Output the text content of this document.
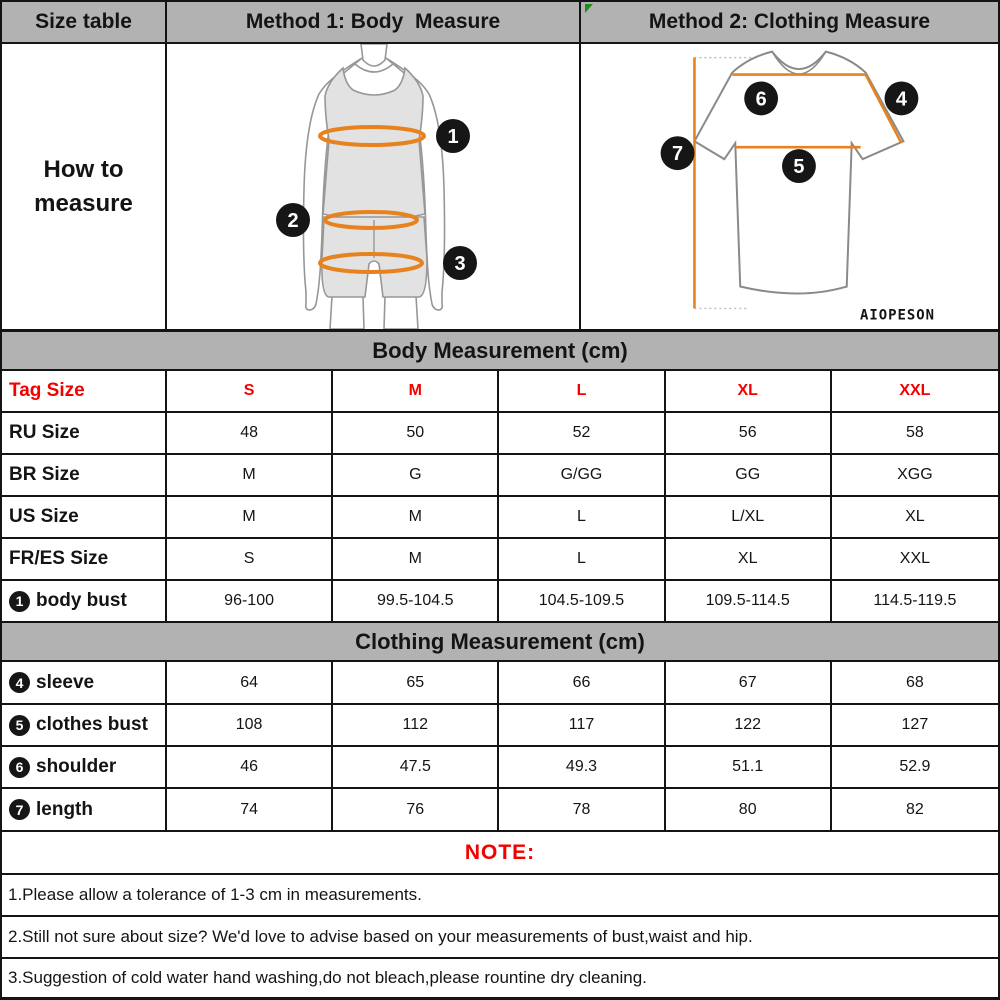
Size table	Method 1: Body  Measure	Method 2: Clothing Measure
How to
measure
1
2
3
6	4
7
5
AIOPESON
Body Measurement (cm)
Tag Size	S	M	L	XL	XXL
RU Size	48	50	52	56	58
BR Size	M	G	G/GG	GG	XGG
US Size	M	M	L	L/XL	XL
FR/ES Size	S	M	L	XL	XXL
1 body bust	96-100	99.5-104.5	104.5-109.5	109.5-114.5	114.5-119.5
Clothing Measurement (cm)
4 sleeve	64	65	66	67	68
5 clothes bust	108	112	117	122	127
6 shoulder	46	47.5	49.3	51.1	52.9
7 length	74	76	78	80	82
NOTE:
1.Please allow a tolerance of 1-3 cm in measurements.
2.Still not sure about size? We'd love to advise based on your measurements of bust,waist and hip.
3.Suggestion of cold water hand washing,do not bleach,please rountine dry cleaning.
